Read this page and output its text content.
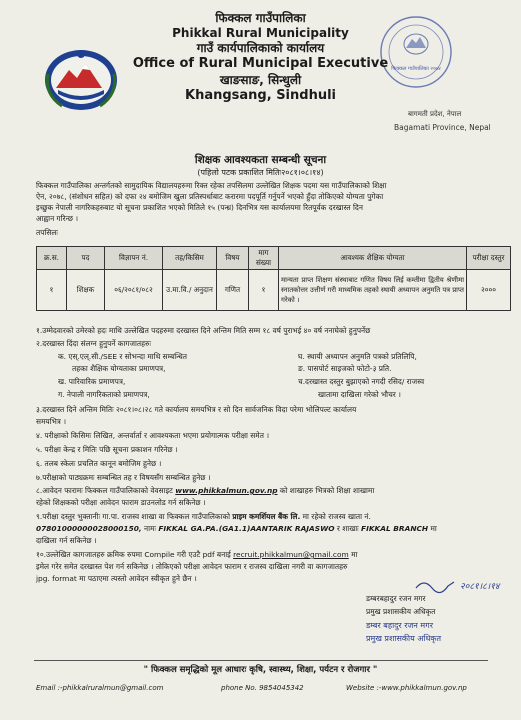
फिक्कल गाउँपालिका २०७४
फिक्कल गाउँपालिका
Phikkal Rural Municipality
गाउँ कार्यपालिकाको कार्यालय
Office of Rural Municipal Executive
खाङसाङ, सिन्धुली
Khangsang, Sindhuli
बागमती प्रदेश, नेपाल
Bagamati Province, Nepal
शिक्षक आवश्यकता सम्बन्धी सूचना
(पहिलो पटक प्रकाशित मितिः२०८१।०८।१४)
फिक्कल गाउँपालिका अन्तर्गतको सामुदायिक विद्यालयहरुमा रिक्त रहेका तपसिलमा उल्लेखित शिक्षक पदमा यस गाउँपालिकाको शिक्षा
ऐन, २०७८, (संशोधन सहित) को दफा २४ बमोजिम खुला प्रतिस्पर्धाबाट करारमा पदपूर्ति गर्नुपर्ने भएको हुँदा तोकिएको योग्यता पुगेका
इच्छुक नेपाली नागरिकहरुबाट यो सूचना प्रकाशित भएको मितिले १५ (पन्ध्र) दिनभित्र यस कार्यालयमा रितपूर्वक दरखास्त दिन
आह्वान गरिन्छ ।
तपसिलः
क्र.स.	पद	विज्ञापन नं.	तह/किसिम	विषय	माग संख्या	आवश्यक शैक्षिक योग्यता	परीक्षा दस्तुर
१	शिक्षक	०६/२०८१/०८२	उ.मा.वि./ अनुदान	गणित	१	मान्यता प्राप्त शिक्षण संस्थाबाट गणित विषय लिई कम्तीमा द्वितीय श्रेणीमा स्नातकोत्तर उत्तीर्ण गरी माध्यमिक तहको स्थायी अध्यापन अनुमति पत्र प्राप्त गरेको ।	२०००
१.उम्मेदवारको उमेरको हदः माथि उल्लेखित पदहरुमा दरखास्त दिने अन्तिम मिति सम्म १८ वर्ष पुराभई ४० वर्ष ननाघेको हुनुपर्नेछ
२.दरखास्त दिंदा संलग्न हुनुपर्ने कागजातहरुः
क. एस्.एल्.सी./SEE र सोभन्दा माथि सम्बन्धित
तहका शैक्षिक योग्यताका प्रमाणपत्र,
ख. पारिवारिक प्रमाणपत्र,
ग. नेपाली नागरिकताको प्रमाणपत्र,
घ. स्थायी अध्यापन अनुमति पत्रको प्रतिलिपि,
ङ. पासपोर्ट साइजको फोटो-३ प्रति.
च.दरखास्त दस्तुर बुझाएको नगदी रसिद/ राजस्व
खातामा दाखिला गरेको भौचर ।
३.दरखास्त दिने अन्तिम मितिः २०८१।०८।२८ गते कार्यालय समयभित्र र सो दिन सार्वजनिक विदा परेमा भोलिपल्ट कार्यालय
समयभित्र ।
४. परीक्षाको किसिमः लिखित, अन्तर्वार्ता र आवश्यकता भएमा प्रयोगात्मक परीक्षा समेत ।
५. परीक्षा केन्द्र र मितिः पछि सूचना प्रकाशन गरिनेछ ।
६. तलब स्केलः प्रचलित कानून बमोजिम हुनेछ ।
७.परीक्षाको पाठ्यक्रमः सम्बन्धित तह र विषयसँग सम्बन्धित हुनेछ ।
८.आवेदन फारामः फिक्कल गाउँपालिकाको वेवसाइट www.phikkalmun.gov.np को शाखाहरु भित्रको शिक्षा शाखामा
रहेको शिक्षकको परीक्षा आवेदन फाराम डाउनलोड गर्न सकिनेछ ।
९.परीक्षा दस्तुर भुक्तानीः गा.पा. राजस्व शाखा वा फिक्कल गाउँपालिकाको प्राइम कमर्शियल बैंक लि. मा रहेको राजस्व खाता नं.
07801000000028000150, नामः FIKKAL GA.PA.(GA1.1)AANTARIK RAJASWO र शाखाः FIKKAL BRANCH मा
दाखिला गर्न सकिनेछ ।
१०.उल्लेखित कागजातहरु क्रमिक रुपमा Compile गरी एउटै pdf बनाई recruit.phikkalmun@gmail.com मा
इमेल गरेर समेत दरखास्त पेश गर्न सकिनेछ । तोकिएको परीक्षा आवेदन फाराम र राजस्व दाखिला नगरी वा कागजातहरु
jpg. format मा पठाएमा त्यस्तो आवेदन स्वीकृत हुने छैन ।
२०८१।८।१४
डम्बरबहादुर रजन मगर
प्रमुख प्रशासकीय अधिकृत
डम्बर बहादुर रजन मगर
प्रमुख प्रशासकीय अधिकृत
" फिक्कल समृद्धिको मूल आधारः कृषि, स्वास्थ्य, शिक्षा, पर्यटन र रोजगार "
Email :-phikkalruralmun@gmail.com	phone No. 9854045342	Website :-www.phikkalmun.gov.np
